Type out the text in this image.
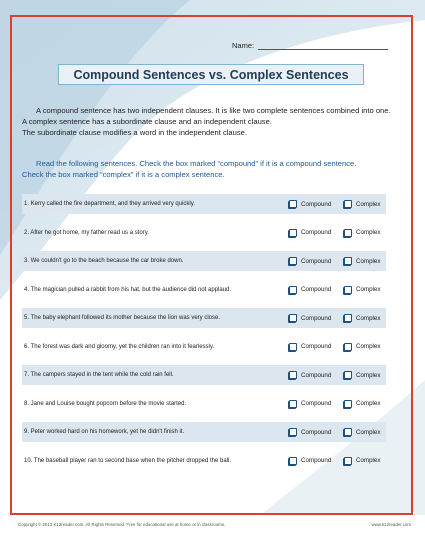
Name:
Compound Sentences vs. Complex Sentences

A compound sentence has two independent clauses. It is like two complete sentences combined into one. A complex sentence has a subordinate clause and an independent clause.

The subordinate clause modifies a word in the independent clause.

Read the following sentences. Check the box marked “compound” if it is a compound sentence.

Check the box marked “complex” if it is a complex sentence.

1. Kerry called the fire department, and they arrived very quickly.	Compound	Complex
2. After he got home, my father read us a story.	Compound	Complex
3. We couldn't go to the beach because the car broke down.	Compound	Complex
4. The magician pulled a rabbit from his hat, but the audience did not applaud.	Compound	Complex
5. The baby elephant followed its mother because the lion was very close.	Compound	Complex
6. The forest was dark and gloomy, yet the children ran into it fearlessly.	Compound	Complex
7. The campers stayed in the tent while the cold rain fell.	Compound	Complex
8. Jane and Louise bought popcorn before the movie started.	Compound	Complex
9. Peter worked hard on his homework, yet he didn't finish it.	Compound	Complex
10. The baseball player ran to second base when the pitcher dropped the ball.	Compound	Complex
Copyright © 2013 K12reader.com. All Rights Reserved. Free for educational use at home or in classrooms.	www.k12reader.com
